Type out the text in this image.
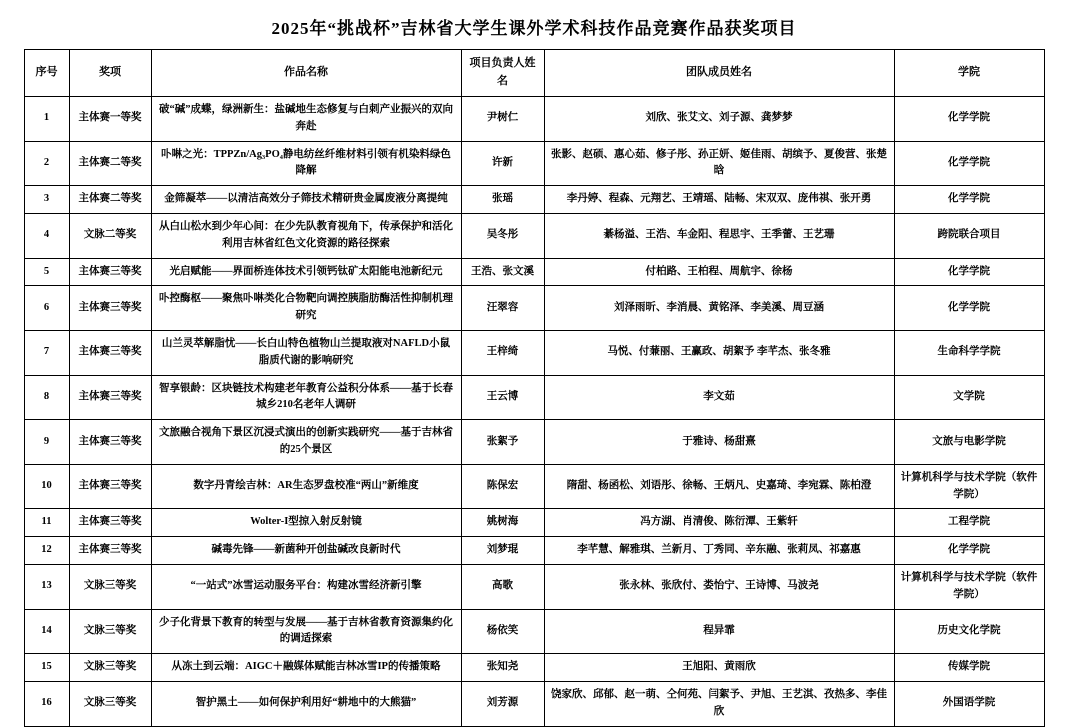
2025年“挑战杯”吉林省大学生课外学术科技作品竞赛作品获奖项目
序号	奖项	作品名称	项目负责人姓名	团队成员姓名	学院
1	主体赛一等奖	破“碱”成蝶，绿洲新生：盐碱地生态修复与白刺产业振兴的双向奔赴	尹树仁	刘欣、张艾文、刘子源、龚梦梦	化学学院
2	主体赛二等奖	卟啉之光：TPPZn/Ag₃PO₄静电纺丝纤维材料引领有机染料绿色降解	许新	张影、赵硕、惠心茹、修子彤、孙正妍、姬佳雨、胡缤予、夏俊营、张楚晗	化学学院
3	主体赛二等奖	金筛凝萃——以清洁高效分子筛技术精研贵金属废液分离提纯	张瑶	李丹婷、程森、元翔艺、王靖瑶、陆畅、宋双双、庞伟祺、张开勇	化学学院
4	文脉二等奖	从白山松水到少年心间：在少先队教育视角下，传承保护和活化利用吉林省红色文化资源的路径探索	吴冬彤	綦杨溢、王浩、车金阳、程思宇、王季蕾、王艺珊	跨院联合项目
5	主体赛三等奖	光启赋能——界面桥连体技术引领钙钛矿太阳能电池新纪元	王浩、张文溪	付柏路、王柏程、周航宇、徐杨	化学学院
6	主体赛三等奖	卟控酶枢——聚焦卟啉类化合物靶向调控胰脂肪酶活性抑制机理研究	汪翠容	刘泽雨昕、李消晨、黄铭泽、李美溪、周豆涵	化学学院
7	主体赛三等奖	山兰灵萃解脂忧——长白山特色植物山兰提取液对NAFLD小鼠脂质代谢的影响研究	王梓绮	马悦、付蒹丽、王赢政、胡絮予 李芊杰、张冬雅	生命科学学院
8	主体赛三等奖	智享银龄：区块链技术构建老年教育公益积分体系——基于长春城乡210名老年人调研	王云博	李文茹	文学院
9	主体赛三等奖	文旅融合视角下景区沉浸式演出的创新实践研究——基于吉林省的25个景区	张絮予	于雅诗、杨甜熹	文旅与电影学院
10	主体赛三等奖	数字丹青绘吉林：AR生态罗盘校准“两山”新维度	陈保宏	隋甜、杨函松、刘语彤、徐畅、王炳凡、史嘉琦、李宛霖、陈柏澄	计算机科学与技术学院（软件学院）
11	主体赛三等奖	Wolter-I型掠入射反射镜	姚树海	冯方湖、肖清俊、陈衍潭、王紫轩	工程学院
12	主体赛三等奖	碱毒先锋——新菌种开创盐碱改良新时代	刘梦琨	李芊慧、解雅琪、兰新月、丁秀同、辛东融、张莉凤、祁嘉惠	化学学院
13	文脉三等奖	“一站式”冰雪运动服务平台：构建冰雪经济新引擎	高歌	张永林、张欣付、娄怡宁、王诗博、马波尧	计算机科学与技术学院（软件学院）
14	文脉三等奖	少子化背景下教育的转型与发展——基于吉林省教育资源集约化的调适探索	杨依笑	程异霏	历史文化学院
15	文脉三等奖	从冻土到云端：AIGC＋融媒体赋能吉林冰雪IP的传播策略	张知尧	王旭阳、黄雨欣	传媒学院
16	文脉三等奖	智护黑土——如何保护利用好“耕地中的大熊猫”	刘芳源	饶家欣、邱郁、赵一萌、仝何苑、闫絮予、尹旭、王艺淇、孜热多、李佳欣	外国语学院
